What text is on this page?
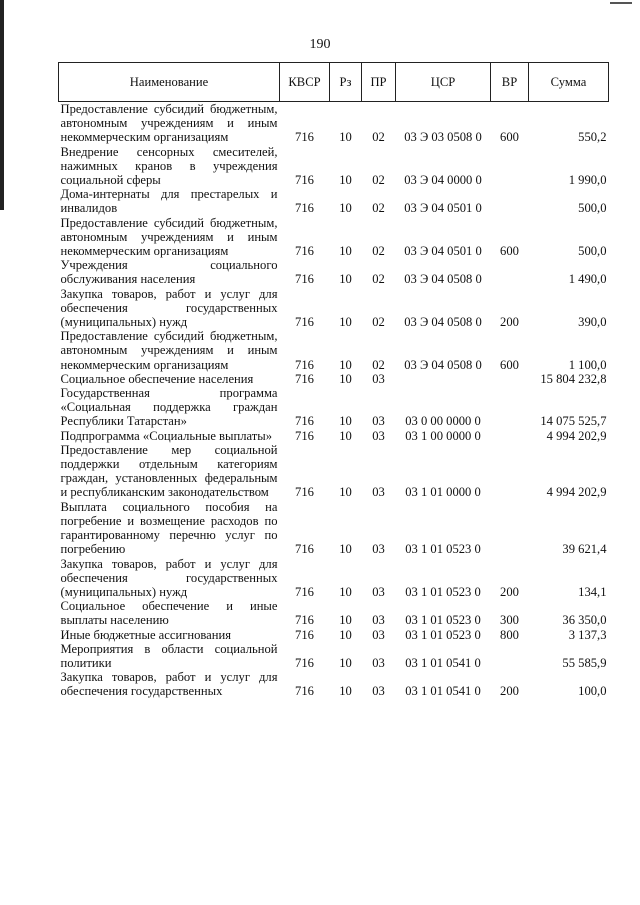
190
Наименование	КВСР	Рз	ПР	ЦСР	ВР	Сумма
Предоставление субсидий бюджетным, автономным учреждениям и иным некоммерческим организациям	716	10	02	03 Э 03 0508 0	600	550,2
Внедрение сенсорных смесителей, нажимных кранов в учреждения социальной сферы	716	10	02	03 Э 04 0000 0		1 990,0
Дома-интернаты для престарелых и инвалидов	716	10	02	03 Э 04 0501 0		500,0
Предоставление субсидий бюджетным, автономным учреждениям и иным некоммерческим организациям	716	10	02	03 Э 04 0501 0	600	500,0
Учреждения социального обслуживания населения	716	10	02	03 Э 04 0508 0		1 490,0
Закупка товаров, работ и услуг для обеспечения государственных (муниципальных) нужд	716	10	02	03 Э 04 0508 0	200	390,0
Предоставление субсидий бюджетным, автономным учреждениям и иным некоммерческим организациям	716	10	02	03 Э 04 0508 0	600	1 100,0
Социальное обеспечение населения	716	10	03			15 804 232,8
Государственная программа «Социальная поддержка граждан Республики Татарстан»	716	10	03	03 0 00 0000 0		14 075 525,7
Подпрограмма «Социальные выплаты»	716	10	03	03 1 00 0000 0		4 994 202,9
Предоставление мер социальной поддержки отдельным категориям граждан, установленных федеральным и республиканским законодательством	716	10	03	03 1 01 0000 0		4 994 202,9
Выплата социального пособия на погребение и возмещение расходов по гарантированному перечню услуг по погребению	716	10	03	03 1 01 0523 0		39 621,4
Закупка товаров, работ и услуг для обеспечения государственных (муниципальных) нужд	716	10	03	03 1 01 0523 0	200	134,1
Социальное обеспечение и иные выплаты населению	716	10	03	03 1 01 0523 0	300	36 350,0
Иные бюджетные ассигнования	716	10	03	03 1 01 0523 0	800	3 137,3
Мероприятия в области социальной политики	716	10	03	03 1 01 0541 0		55 585,9
Закупка товаров, работ и услуг для обеспечения государственных	716	10	03	03 1 01 0541 0	200	100,0
